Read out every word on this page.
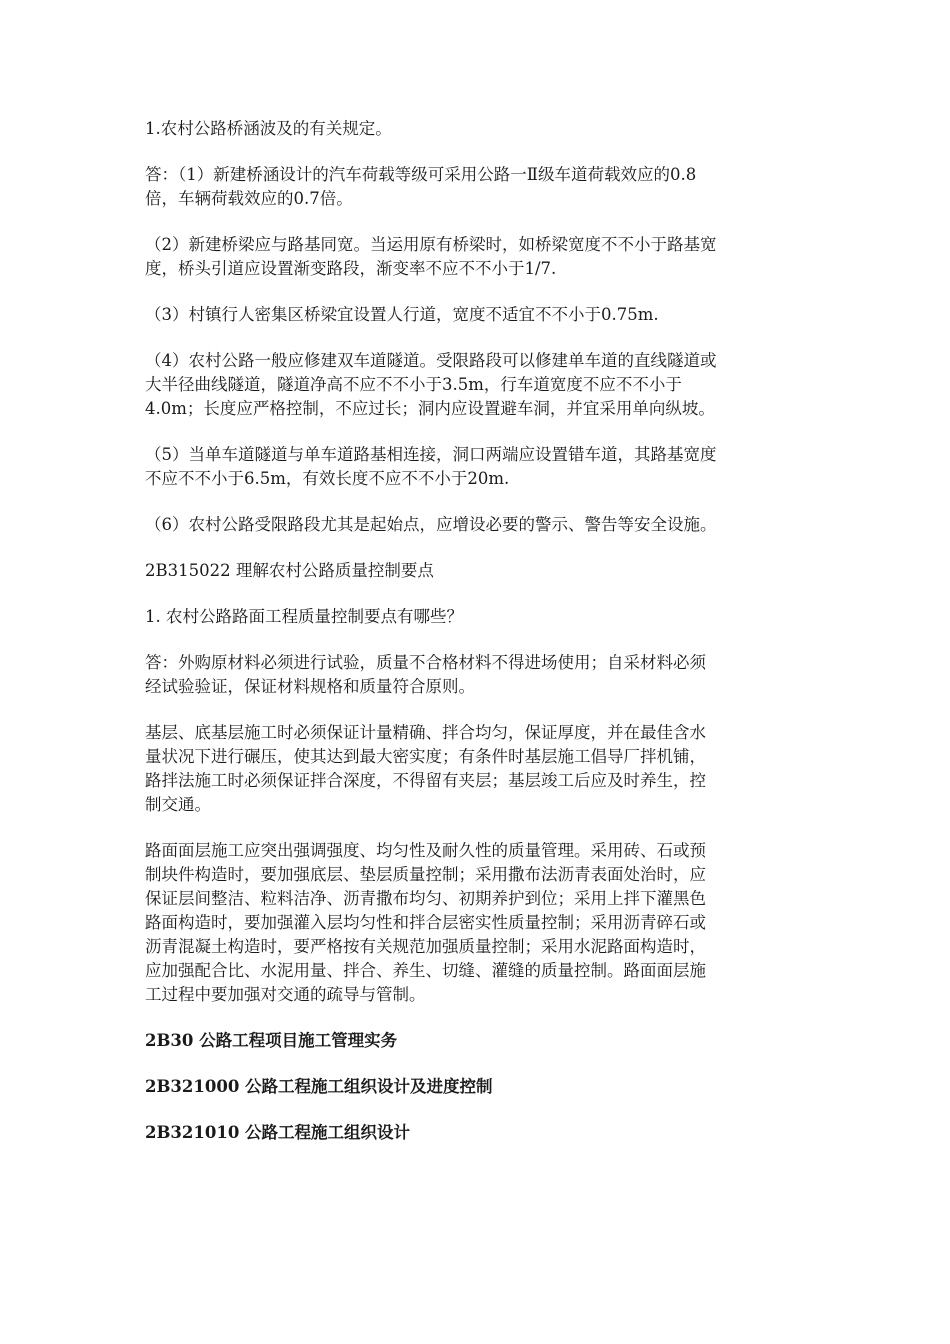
1.农村公路桥涵波及的有关规定。

答：（1）新建桥涵设计的汽车荷载等级可采用公路一Ⅱ级车道荷载效应的0.8
倍，车辆荷载效应的0.7倍。

（2）新建桥梁应与路基同宽。当运用原有桥梁时，如桥梁宽度不不小于路基宽
度，桥头引道应设置渐变路段，渐变率不应不不小于1/7.

（3）村镇行人密集区桥梁宜设置人行道，宽度不适宜不不小于0.75m.

（4）农村公路一般应修建双车道隧道。受限路段可以修建单车道的直线隧道或
大半径曲线隧道，隧道净高不应不不小于3.5m，行车道宽度不应不不小于
4.0m；长度应严格控制，不应过长；洞内应设置避车洞，并宜采用单向纵坡。

（5）当单车道隧道与单车道路基相连接，洞口两端应设置错车道，其路基宽度
不应不不小于6.5m，有效长度不应不不小于20m.

（6）农村公路受限路段尤其是起始点，应增设必要的警示、警告等安全设施。

2B315022 理解农村公路质量控制要点

1. 农村公路路面工程质量控制要点有哪些？

答：外购原材料必须进行试验，质量不合格材料不得进场使用；自采材料必须
经试验验证，保证材料规格和质量符合原则。

基层、底基层施工时必须保证计量精确、拌合均匀，保证厚度，并在最佳含水
量状况下进行碾压，使其达到最大密实度；有条件时基层施工倡导厂拌机铺，
路拌法施工时必须保证拌合深度，不得留有夹层；基层竣工后应及时养生，控
制交通。

路面面层施工应突出强调强度、均匀性及耐久性的质量管理。采用砖、石或预
制块件构造时，要加强底层、垫层质量控制；采用撒布法沥青表面处治时，应
保证层间整洁、粒料洁净、沥青撒布均匀、初期养护到位；采用上拌下灌黑色
路面构造时，要加强灌入层均匀性和拌合层密实性质量控制；采用沥青碎石或
沥青混凝土构造时，要严格按有关规范加强质量控制；采用水泥路面构造时，
应加强配合比、水泥用量、拌合、养生、切缝、灌缝的质量控制。路面面层施
工过程中要加强对交通的疏导与管制。

2B30 公路工程项目施工管理实务

2B321000 公路工程施工组织设计及进度控制

2B321010 公路工程施工组织设计
